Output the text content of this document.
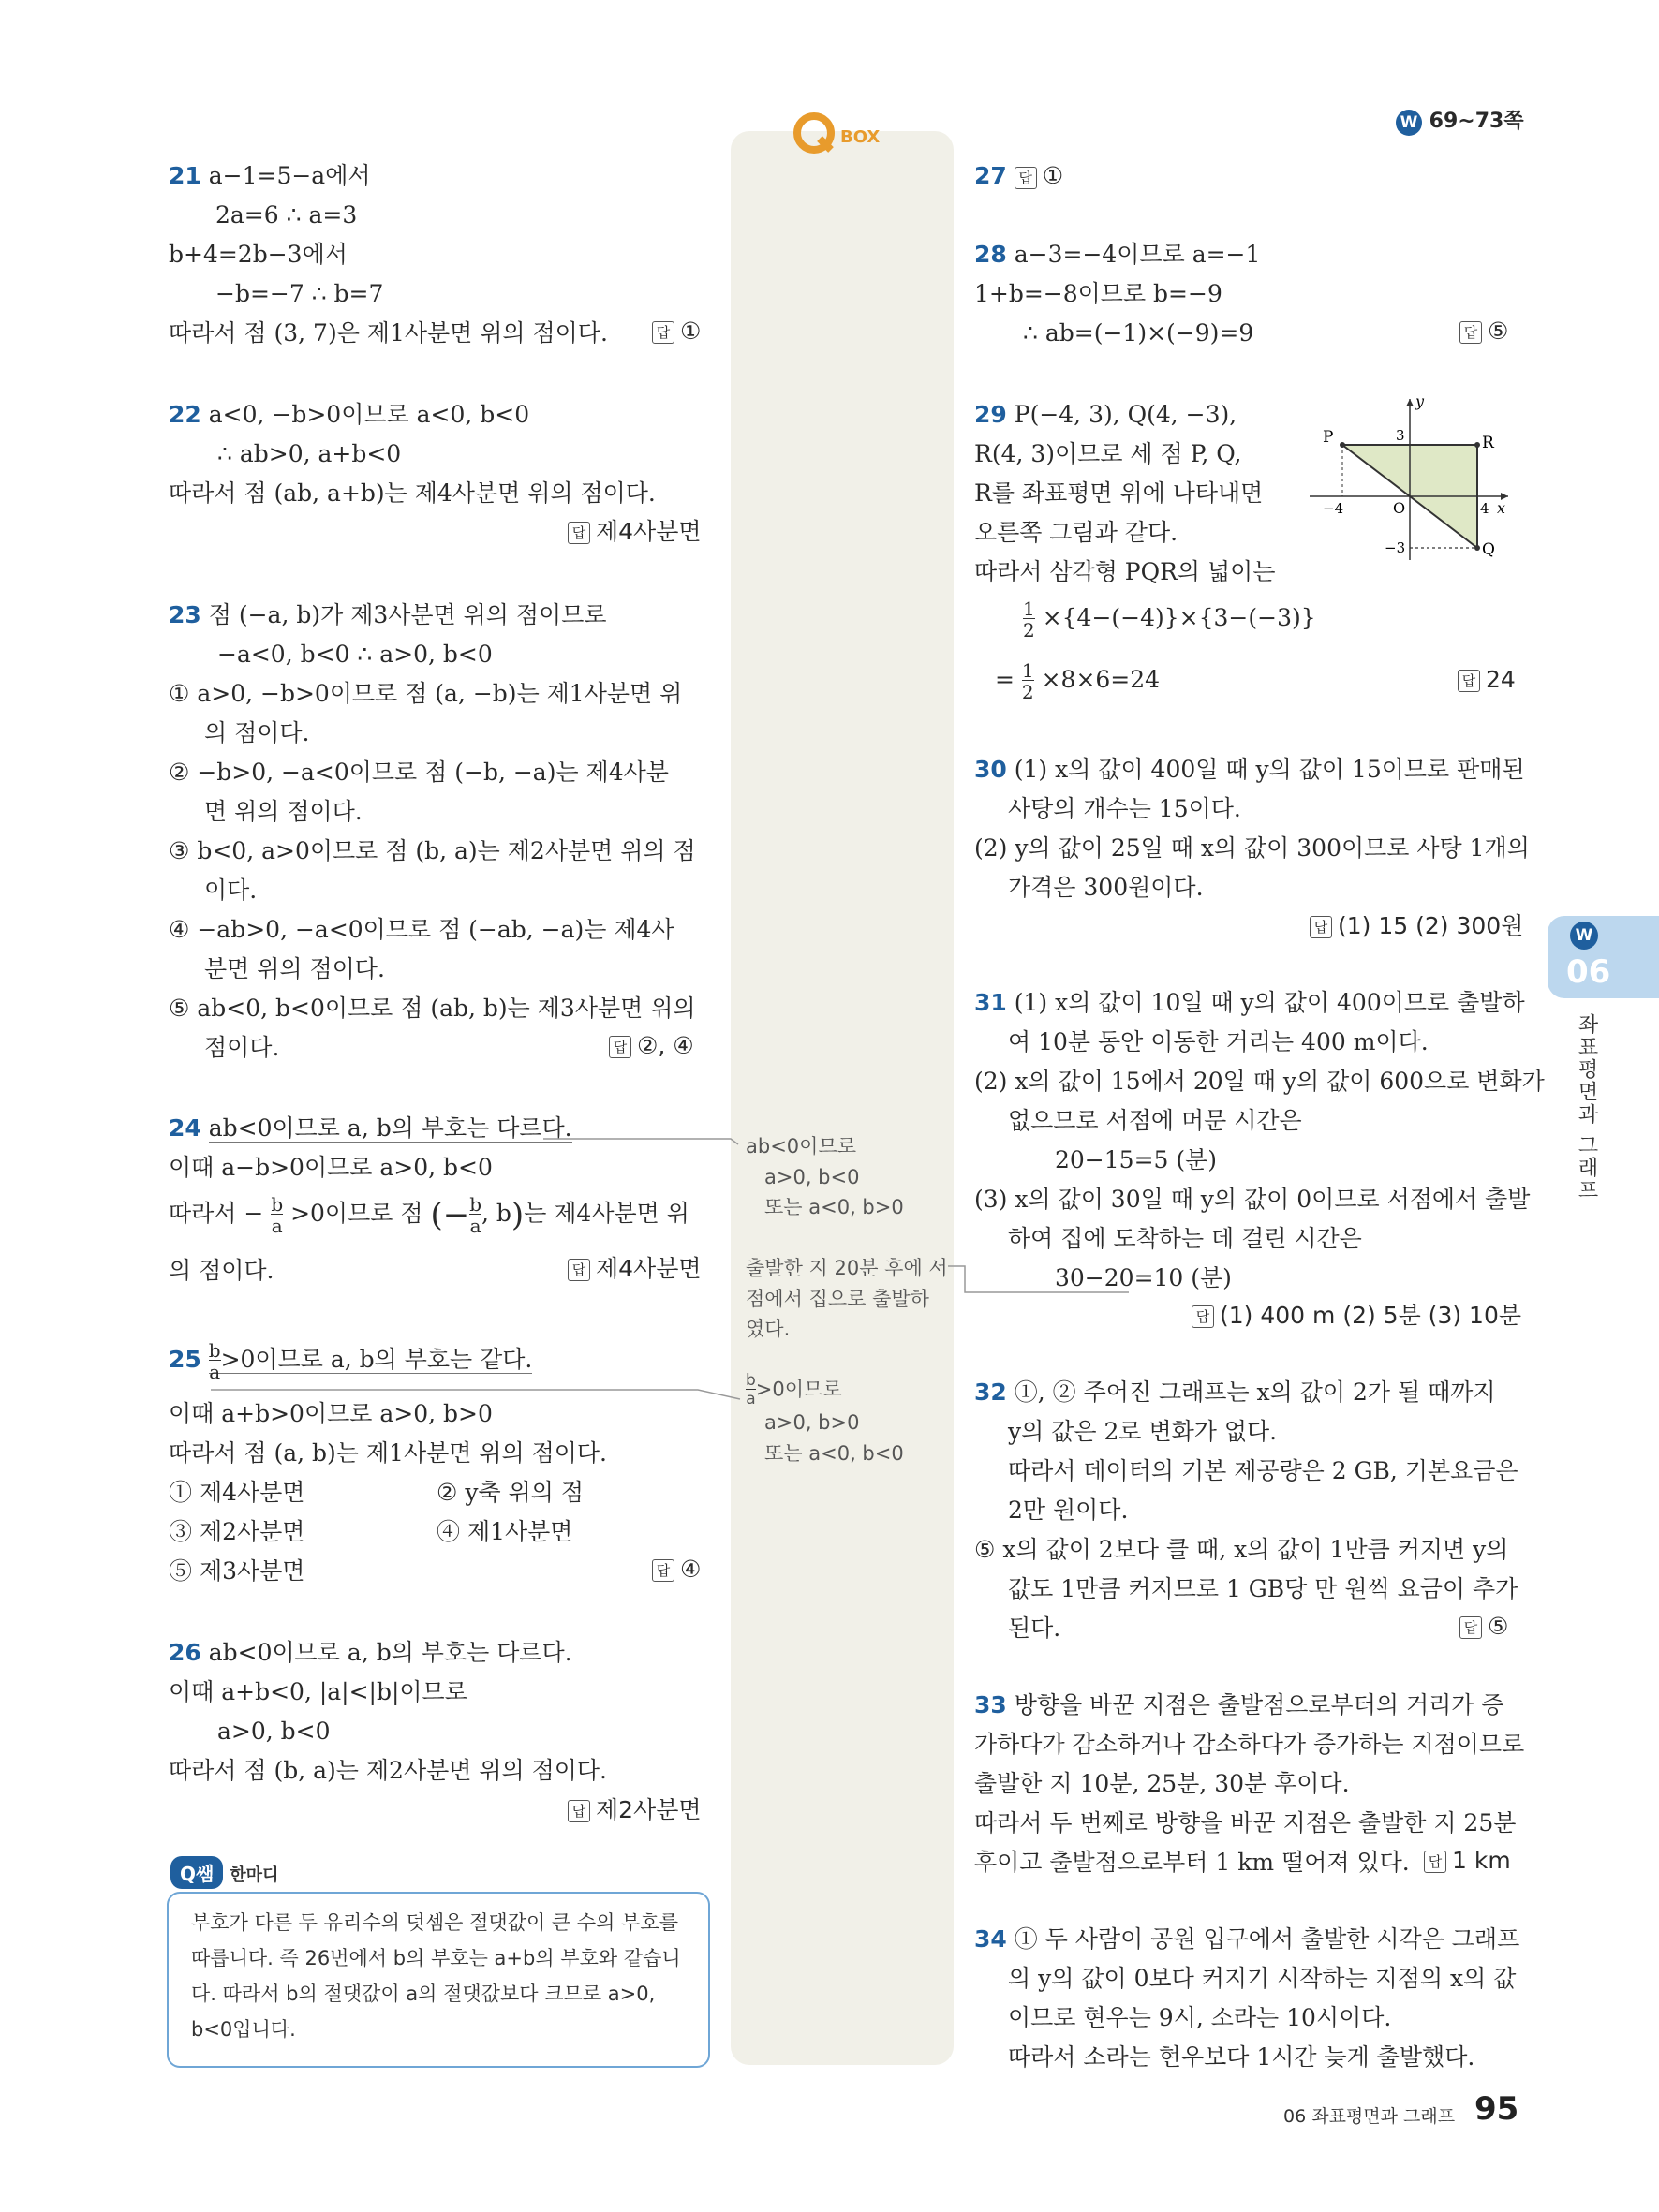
W 69~73쪽
BOX
21 a−1=5−a에서
2a=6 ∴ a=3
b+4=2b−3에서
−b=−7 ∴ b=7
따라서 점 (3, 7)은 제1사분면 위의 점이다.	답 ①
22 a<0, −b>0이므로 a<0, b<0
∴ ab>0, a+b<0
따라서 점 (ab, a+b)는 제4사분면 위의 점이다.
답 제4사분면
23 점 (−a, b)가 제3사분면 위의 점이므로
−a<0, b<0 ∴ a>0, b<0
① a>0, −b>0이므로 점 (a, −b)는 제1사분면 위
의 점이다.
② −b>0, −a<0이므로 점 (−b, −a)는 제4사분
면 위의 점이다.
③ b<0, a>0이므로 점 (b, a)는 제2사분면 위의 점
이다.
④ −ab>0, −a<0이므로 점 (−ab, −a)는 제4사
분면 위의 점이다.
⑤ ab<0, b<0이므로 점 (ab, b)는 제3사분면 위의
점이다.	답 ②, ④
24 ab<0이므로 a, b의 부호는 다르다.
이때 a−b>0이므로 a>0, b<0
따라서 − $\frac{b}{a} >0$이므로 점 (− $\frac{b}{a}$ , b)는 제4사분면 위
의 점이다.	답 제4사분면
$25 \frac{b}{a} >0$이므로 a, b의 부호는 같다.
이때 a+b>0이므로 a>0, b>0
따라서 점 (a, b)는 제1사분면 위의 점이다.
① 제4사분면	② y축 위의 점
③ 제2사분면	④ 제1사분면
⑤ 제3사분면	답 ④
26 ab<0이므로 a, b의 부호는 다르다.
이때 a+b<0, |a|<|b|이므로
a>0, b<0
따라서 점 (b, a)는 제2사분면 위의 점이다.
답 제2사분면
Q쌤 한마디
부호가 다른 두 유리수의 덧셈은 절댓값이 큰 수의 부호를 따릅니다. 즉 26번에서 b의 부호는 a+b의 부호와 같습니다. 따라서 b의 절댓값이 a의 절댓값보다 크므로 a>0, b<0입니다.
ab<0이므로
a>0, b<0
또는 a<0, b>0
출발한 지 20분 후에 서
점에서 집으로 출발하
였다.
$\frac{b}{a} >0$이므로
a>0, b>0
또는 a<0, b<0
27 답 ①
28 a−3=−4이므로 a=−1
1+b=−8이므로 b=−9
∴ ab=(−1)×(−9)=9	답 ⑤
29 P(−4, 3), Q(4, −3),
R(4, 3)이므로 세 점 P, Q,
R를 좌표평면 위에 나타내면
오른쪽 그림과 같다.
따라서 삼각형 PQR의 넓이는
$\frac{1}{2} \times\{4-(-4)\}\times\{3-(-3)\}$
= $\frac{1}{2} \times 8\times 6=24$	답 24
y
x
O
P
Q
R
3
−3
4
−4
30 (1) x의 값이 400일 때 y의 값이 15이므로 판매된
사탕의 개수는 15이다.
(2) y의 값이 25일 때 x의 값이 300이므로 사탕 1개의
가격은 300원이다.
답 (1) 15 (2) 300원
31 (1) x의 값이 10일 때 y의 값이 400이므로 출발하
여 10분 동안 이동한 거리는 400 m이다.
(2) x의 값이 15에서 20일 때 y의 값이 600으로 변화가
없으므로 서점에 머문 시간은
20−15=5 (분)
(3) x의 값이 30일 때 y의 값이 0이므로 서점에서 출발
하여 집에 도착하는 데 걸린 시간은
30−20=10 (분)
답 (1) 400 m (2) 5분 (3) 10분
32 ①, ② 주어진 그래프는 x의 값이 2가 될 때까지
y의 값은 2로 변화가 없다.
따라서 데이터의 기본 제공량은 2 GB, 기본요금은
2만 원이다.
⑤ x의 값이 2보다 클 때, x의 값이 1만큼 커지면 y의
값도 1만큼 커지므로 1 GB당 만 원씩 요금이 추가
된다.	답 ⑤
33 방향을 바꾼 지점은 출발점으로부터의 거리가 증
가하다가 감소하거나 감소하다가 증가하는 지점이므로
출발한 지 10분, 25분, 30분 후이다.
따라서 두 번째로 방향을 바꾼 지점은 출발한 지 25분
후이고 출발점으로부터 1 km 떨어져 있다.	답 1 km
34 ① 두 사람이 공원 입구에서 출발한 시각은 그래프
의 y의 값이 0보다 커지기 시작하는 지점의 x의 값
이므로 현우는 9시, 소라는 10시이다.
따라서 소라는 현우보다 1시간 늦게 출발했다.
W
06
좌표평면과 그래프
06 좌표평면과 그래프 95
